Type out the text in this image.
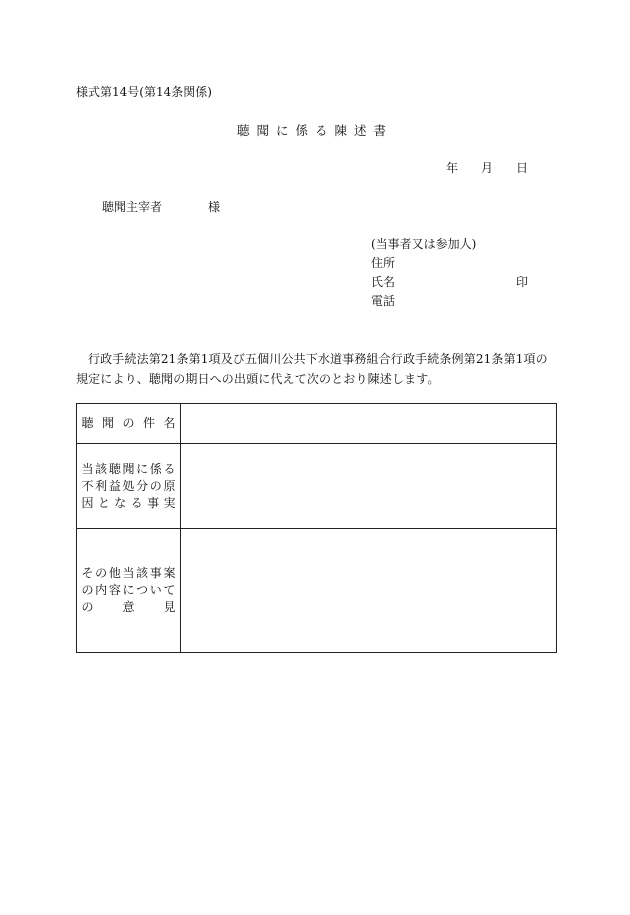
様式第14号(第14条関係)
聴聞に係る陳述書
年 月 日
聴聞主宰者	様
(当事者又は参加人)
住所
氏名	印
電話
行政手続法第21条第1項及び五個川公共下水道事務組合行政手続条例第21条第1項の規定により、聴聞の期日への出頭に代えて次のとおり陳述します。
聴 聞 の 件 名
当 該 聴 聞 に 係 る
不 利 益 処 分 の 原
因 と な る 事 実
そ の 他 当 該 事 案
の 内 容 に つ い て
の 意 見
